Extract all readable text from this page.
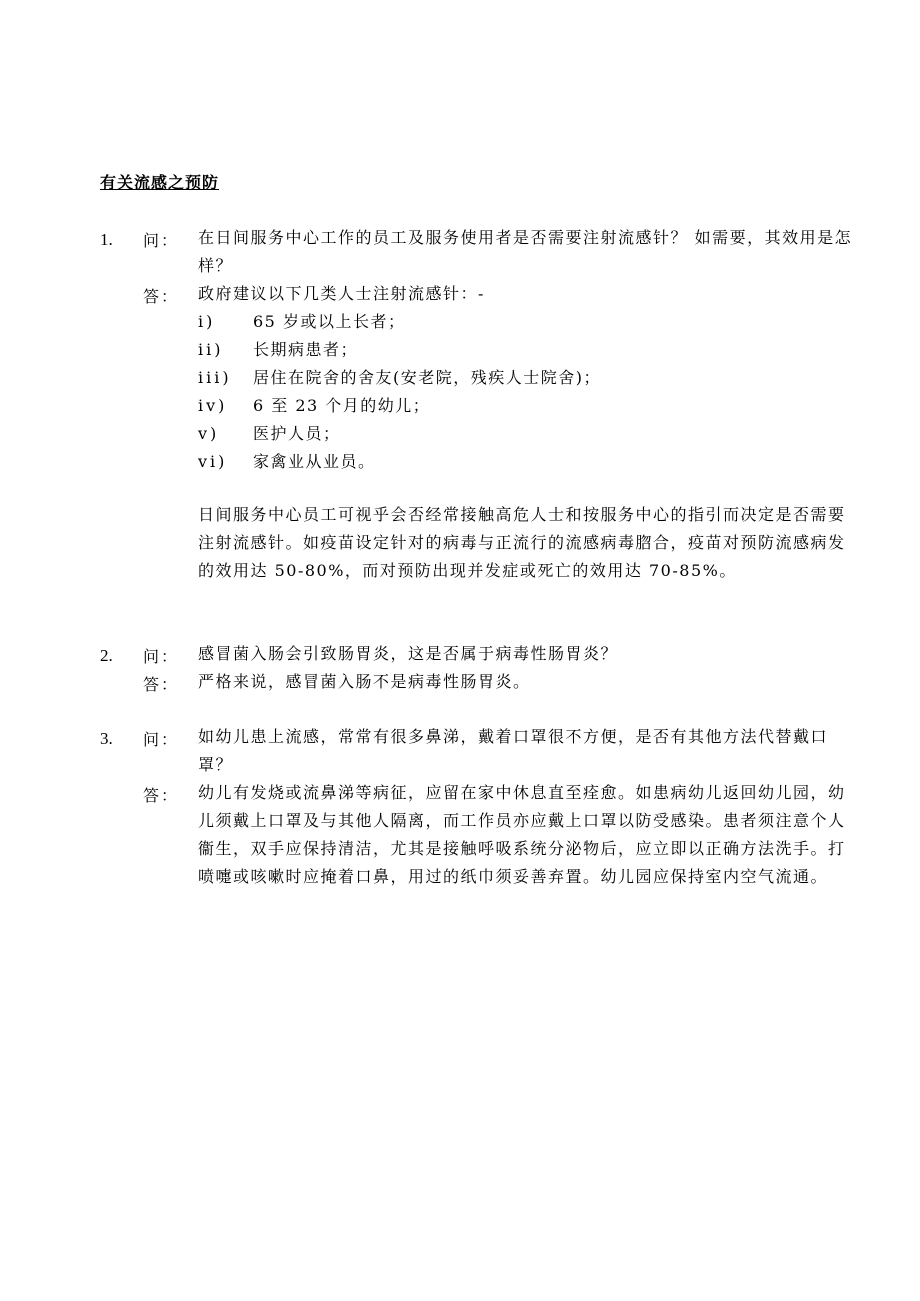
有关流感之预防
1. 问： 在日间服务中心工作的员工及服务使用者是否需要注射流感针？ 如需要，其效用是怎样？
答： 政府建议以下几类人士注射流感针：-
i)	65 岁或以上长者；
ii)	长期病患者；
iii)	居住在院舍的舍友(安老院，残疾人士院舍)；
iv)	6 至 23 个月的幼儿；
v)	医护人员；
vi)	家禽业从业员。
日间服务中心员工可视乎会否经常接触高危人士和按服务中心的指引而决定是否需要注射流感针。如疫苗设定针对的病毒与正流行的流感病毒脗合，疫苗对预防流感病发的效用达 50-80%，而对预防出现并发症或死亡的效用达 70-85%。
2. 问： 感冒菌入肠会引致肠胃炎，这是否属于病毒性肠胃炎？
答： 严格来说，感冒菌入肠不是病毒性肠胃炎。
3. 问： 如幼儿患上流感，常常有很多鼻涕，戴着口罩很不方便，是否有其他方法代替戴口罩？
答： 幼儿有发烧或流鼻涕等病征，应留在家中休息直至痊愈。如患病幼儿返回幼儿园，幼儿须戴上口罩及与其他人隔离，而工作员亦应戴上口罩以防受感染。患者须注意个人衞生，双手应保持清洁，尤其是接触呼吸系统分泌物后，应立即以正确方法洗手。打喷嚏或咳嗽时应掩着口鼻，用过的纸巾须妥善弃置。幼儿园应保持室内空气流通。
